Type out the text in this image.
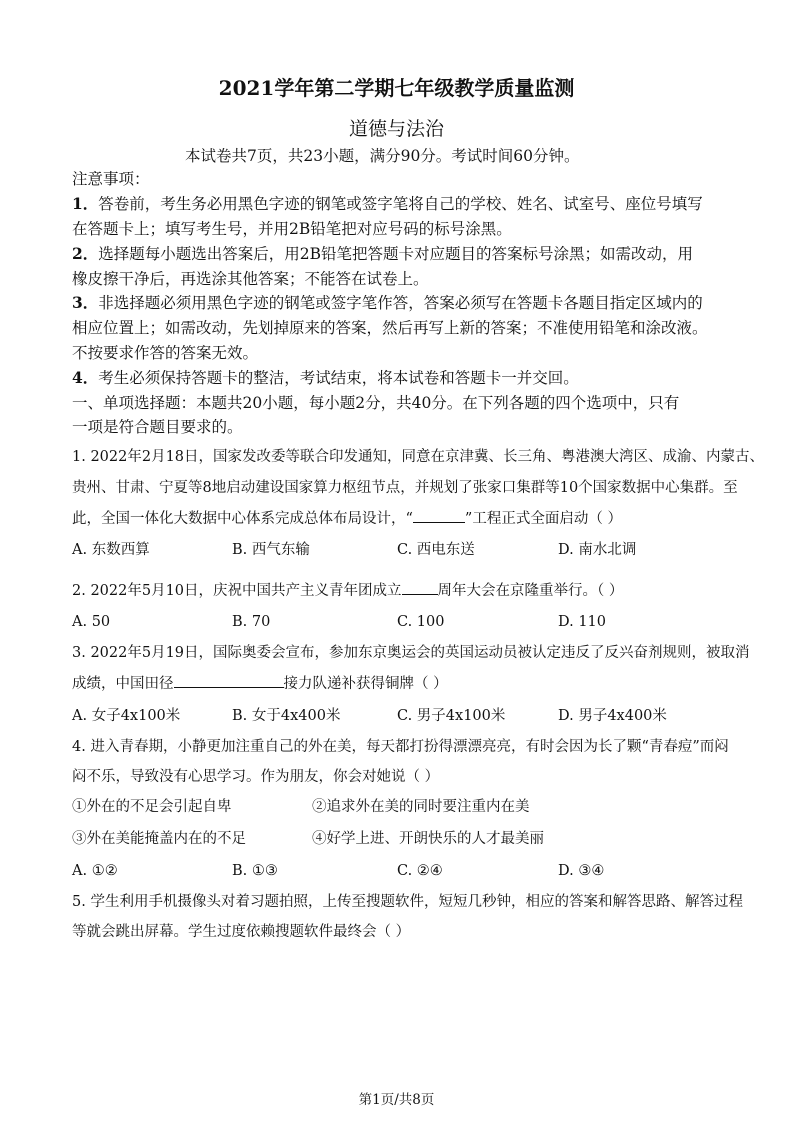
2021学年第二学期七年级教学质量监测
道德与法治
本试卷共7页，共23小题，满分90分。考试时间60分钟。
注意事项：
1．答卷前，考生务必用黑色字迹的钢笔或签字笔将自己的学校、姓名、试室号、座位号填写
在答题卡上；填写考生号，并用2B铅笔把对应号码的标号涂黑。
2．选择题每小题选出答案后，用2B铅笔把答题卡对应题目的答案标号涂黑；如需改动，用
橡皮擦干净后，再选涂其他答案；不能答在试卷上。
3．非选择题必须用黑色字迹的钢笔或签字笔作答，答案必须写在答题卡各题目指定区域内的
相应位置上；如需改动，先划掉原来的答案，然后再写上新的答案；不准使用铅笔和涂改液。
不按要求作答的答案无效。
4．考生必须保持答题卡的整洁，考试结束，将本试卷和答题卡一并交回。
一、单项选择题：本题共20小题，每小题2分，共40分。在下列各题的四个选项中，只有
一项是符合题目要求的。
1. 2022年2月18日，国家发改委等联合印发通知，同意在京津冀、长三角、粤港澳大湾区、成渝、内蒙古、
贵州、甘肃、宁夏等8地启动建设国家算力枢纽节点，并规划了张家口集群等10个国家数据中心集群。至
此，全国一体化大数据中心体系完成总体布局设计，“	”工程正式全面启动（ ）
A. 东数西算	B. 西气东输	C. 西电东送	D. 南水北调
2. 2022年5月10日，庆祝中国共产主义青年团成立 周年大会在京隆重举行。（ ）
A. 50	B. 70	C. 100	D. 110
3. 2022年5月19日，国际奥委会宣布，参加东京奥运会的英国运动员被认定违反了反兴奋剂规则，被取消
成绩，中国田径	接力队递补获得铜牌（ ）
A. 女子4x100米	B. 女于4x400米	C. 男子4x100米	D. 男子4x400米
4. 进入青春期，小静更加注重自己的外在美，每天都打扮得漂漂亮亮，有时会因为长了颗“青春痘”而闷
闷不乐，导致没有心思学习。作为朋友，你会对她说（ ）
①外在的不足会引起自卑	②追求外在美的同时要注重内在美
③外在美能掩盖内在的不足	④好学上进、开朗快乐的人才最美丽
A. ①②	B. ①③	C. ②④	D. ③④
5. 学生利用手机摄像头对着习题拍照，上传至搜题软件，短短几秒钟，相应的答案和解答思路、解答过程
等就会跳出屏幕。学生过度依赖搜题软件最终会（ ）
第1页/共8页
